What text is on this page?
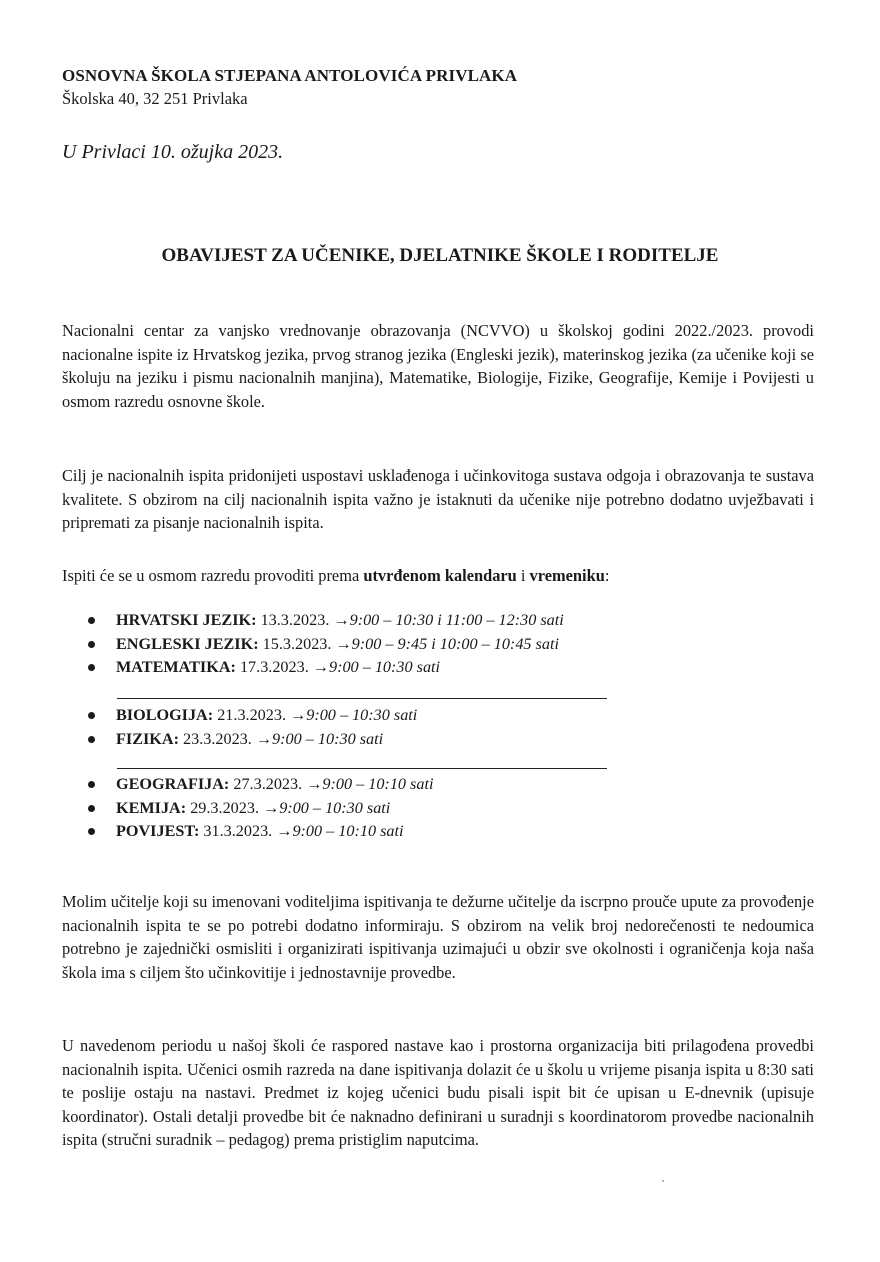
OSNOVNA ŠKOLA STJEPANA ANTOLOVIĆA PRIVLAKA
Školska 40, 32 251 Privlaka
U Privlaci 10. ožujka 2023.
OBAVIJEST ZA UČENIKE, DJELATNIKE ŠKOLE I RODITELJE
Nacionalni centar za vanjsko vrednovanje obrazovanja (NCVVO) u školskoj godini 2022./2023. provodi nacionalne ispite iz Hrvatskog jezika, prvog stranog jezika (Engleski jezik), materinskog jezika (za učenike koji se školuju na jeziku i pismu nacionalnih manjina), Matematike, Biologije, Fizike, Geografije, Kemije i Povijesti u osmom razredu osnovne škole.
Cilj je nacionalnih ispita pridonijeti uspostavi usklađenoga i učinkovitoga sustava odgoja i obrazovanja te sustava kvalitete. S obzirom na cilj nacionalnih ispita važno je istaknuti da učenike nije potrebno dodatno uvježbavati i pripremati za pisanje nacionalnih ispita.
Ispiti će se u osmom razredu provoditi prema utvrđenom kalendaru i vremeniku:
HRVATSKI JEZIK: 13.3.2023. →9:00 – 10:30 i 11:00 – 12:30 sati
ENGLESKI JEZIK: 15.3.2023. →9:00 – 9:45 i 10:00 – 10:45 sati
MATEMATIKA: 17.3.2023. →9:00 – 10:30 sati
BIOLOGIJA: 21.3.2023. →9:00 – 10:30 sati
FIZIKA: 23.3.2023. →9:00 – 10:30 sati
GEOGRAFIJA: 27.3.2023. →9:00 – 10:10 sati
KEMIJA: 29.3.2023. →9:00 – 10:30 sati
POVIJEST: 31.3.2023. →9:00 – 10:10 sati
Molim učitelje koji su imenovani voditeljima ispitivanja te dežurne učitelje da iscrpno prouče upute za provođenje nacionalnih ispita te se po potrebi dodatno informiraju. S obzirom na velik broj nedorečenosti te nedoumica potrebno je zajednički osmisliti i organizirati ispitivanja uzimajući u obzir sve okolnosti i ograničenja koja naša škola ima s ciljem što učinkovitije i jednostavnije provedbe.
U navedenom periodu u našoj školi će raspored nastave kao i prostorna organizacija biti prilagođena provedbi nacionalnih ispita. Učenici osmih razreda na dane ispitivanja dolazit će u školu u vrijeme pisanja ispita u 8:30 sati te poslije ostaju na nastavi. Predmet iz kojeg učenici budu pisali ispit bit će upisan u E-dnevnik (upisuje koordinator). Ostali detalji provedbe bit će naknadno definirani u suradnji s koordinatorom provedbe nacionalnih ispita (stručni suradnik – pedagog) prema pristiglim naputcima.
